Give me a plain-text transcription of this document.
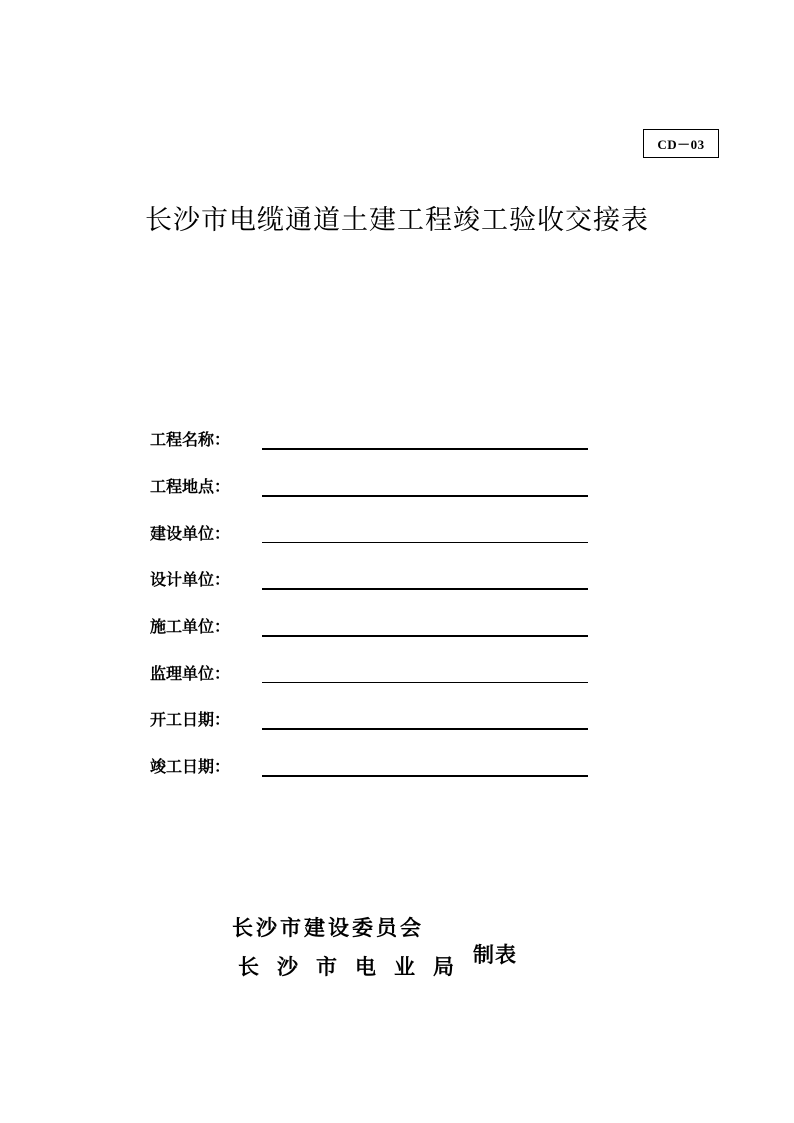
CD－03
长沙市电缆通道土建工程竣工验收交接表
工程名称：
工程地点：
建设单位：
设计单位：
施工单位：
监理单位：
开工日期：
竣工日期：
长沙市建设委员会
长沙市电业局 制表
